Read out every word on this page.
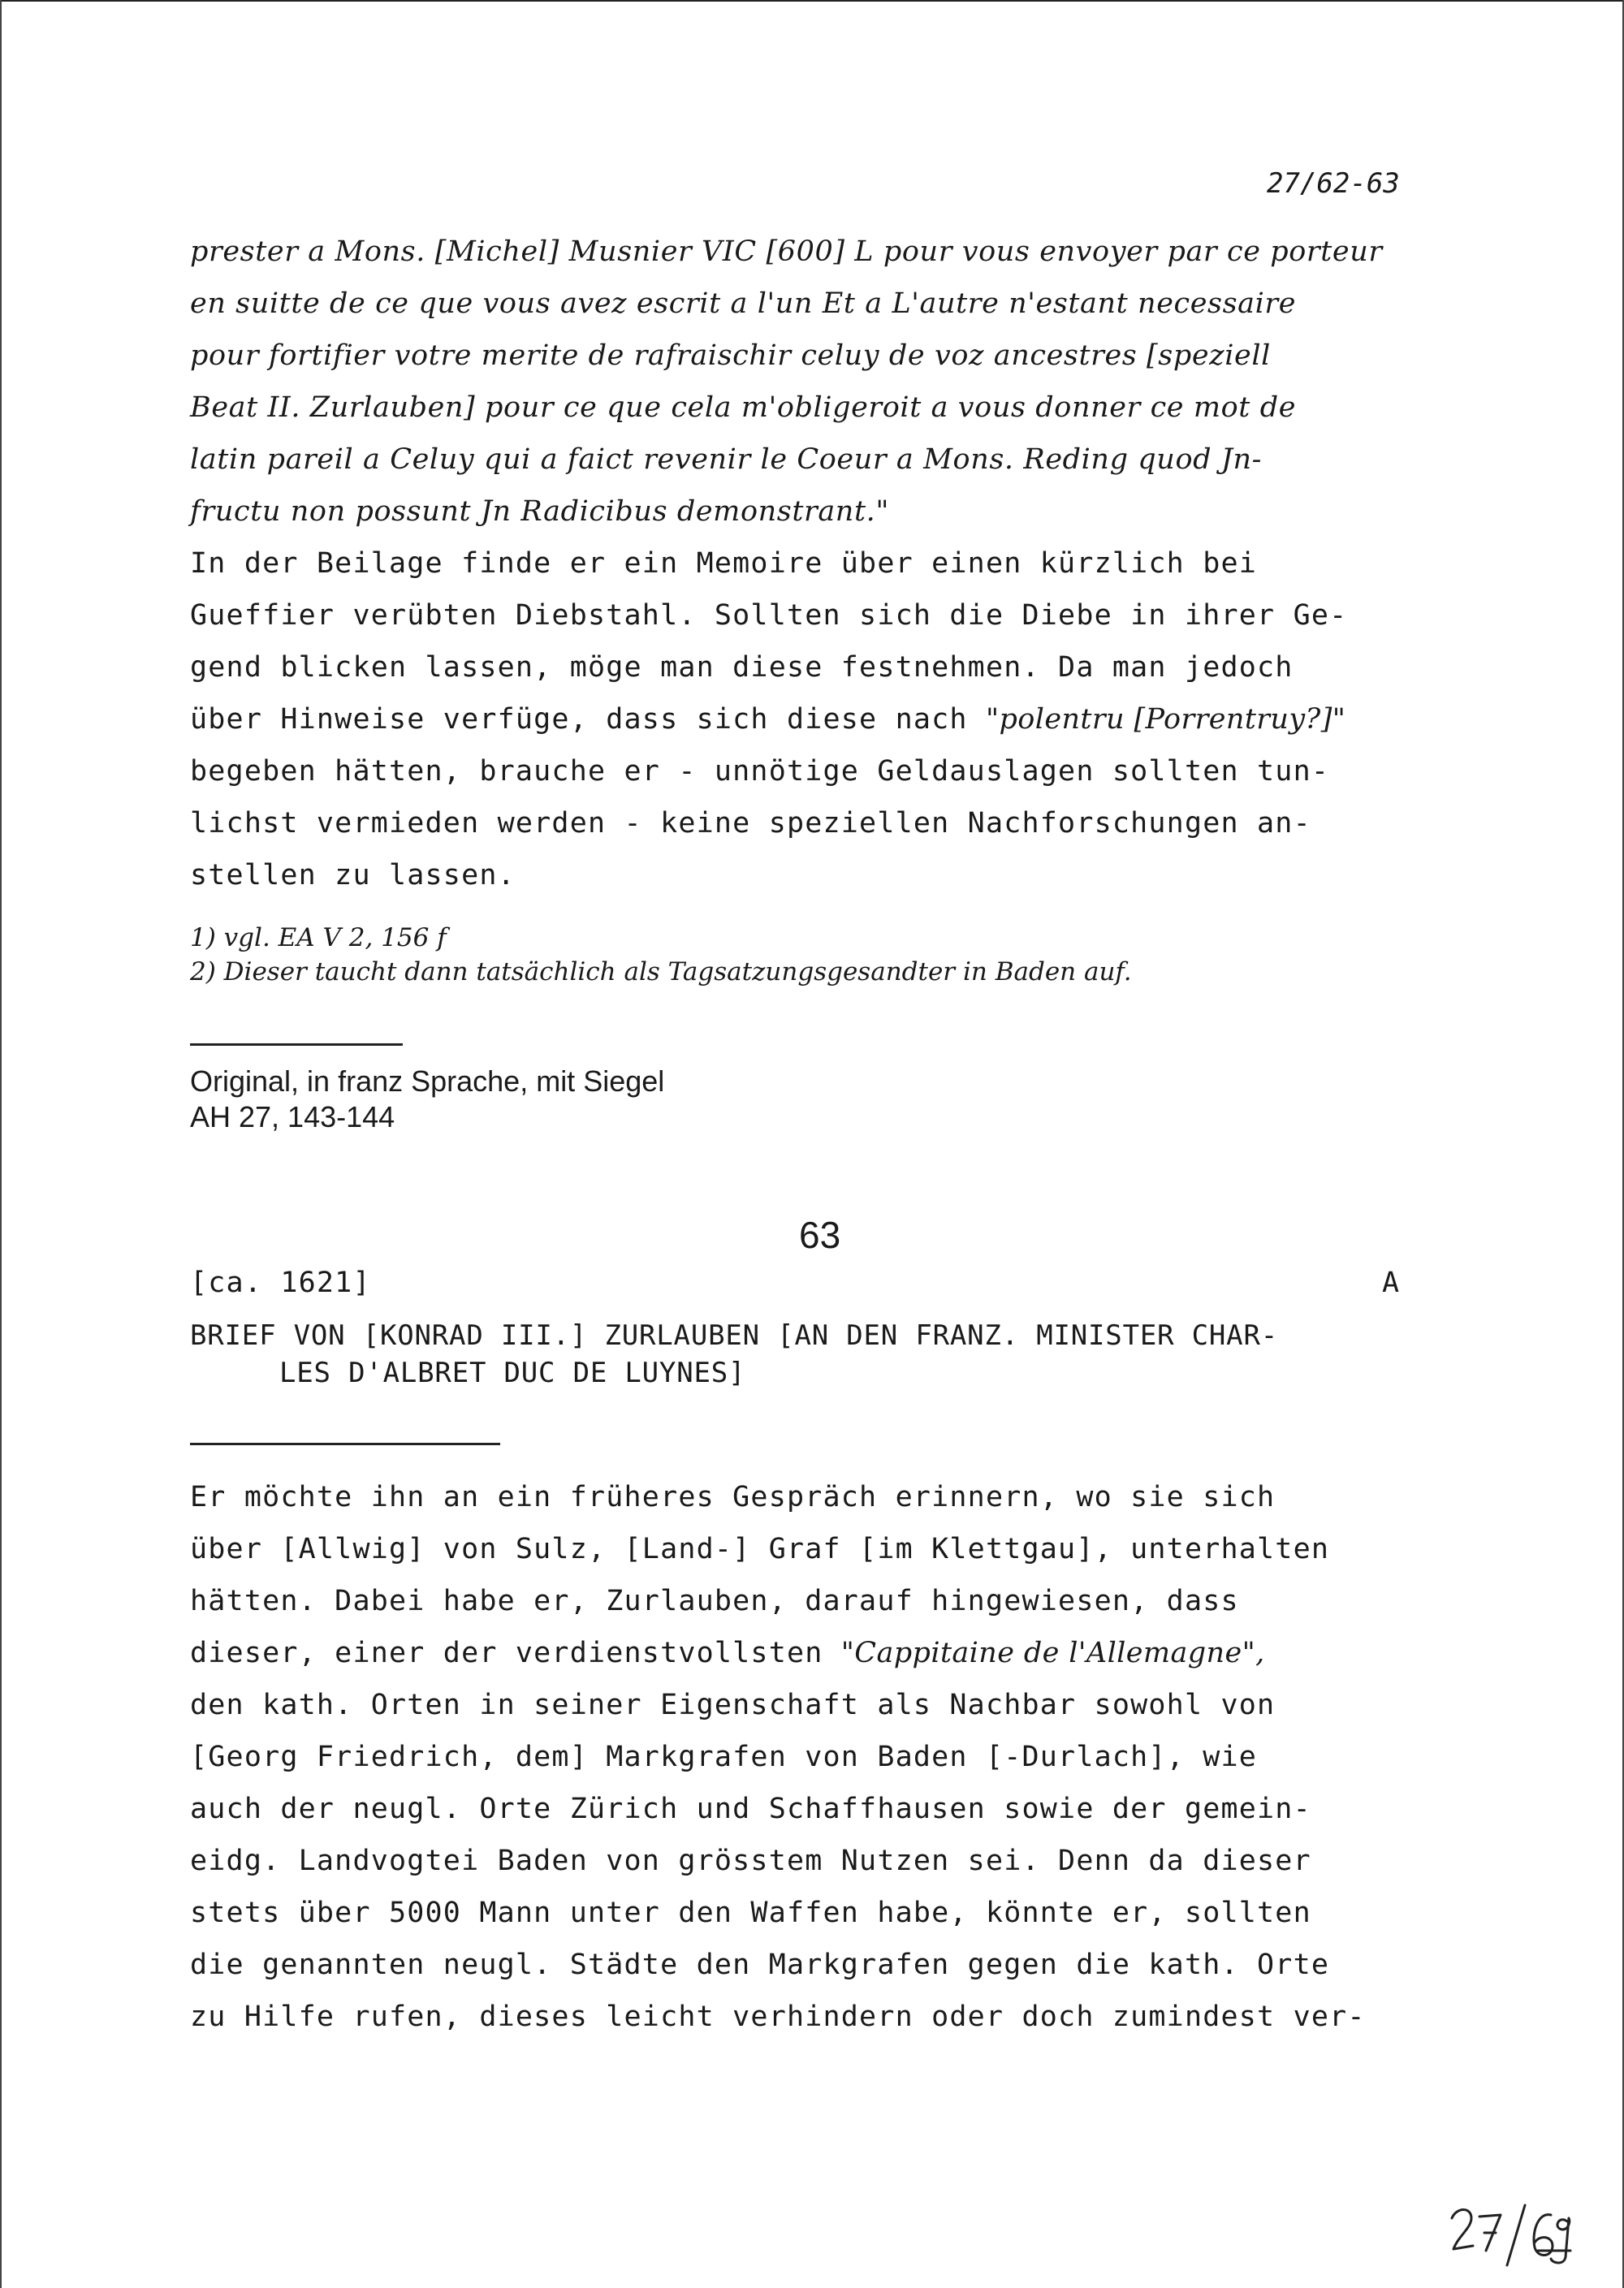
27/62-63
prester a Mons. [Michel] Musnier VIC [600] L pour vous envoyer par ce porteur
en suitte de ce que vous avez escrit a l'un Et a L'autre n'estant necessaire
pour fortifier votre merite de rafraischir celuy de voz ancestres [speziell
Beat II. Zurlauben] pour ce que cela m'obligeroit a vous donner ce mot de
latin pareil a Celuy qui a faict revenir le Coeur a Mons. Reding quod Jn-
fructu non possunt Jn Radicibus demonstrant."
In der Beilage finde er ein Memoire über einen kürzlich bei
Gueffier verübten Diebstahl. Sollten sich die Diebe in ihrer Ge-
gend blicken lassen, möge man diese festnehmen. Da man jedoch
über Hinweise verfüge, dass sich diese nach "polentru [Porrentruy?]"
begeben hätten, brauche er - unnötige Geldauslagen sollten tun-
lichst vermieden werden - keine speziellen Nachforschungen an-
stellen zu lassen.
1) vgl. EA V 2, 156 f
2) Dieser taucht dann tatsächlich als Tagsatzungsgesandter in Baden auf.
Original, in franz Sprache, mit Siegel
AH 27, 143-144
63
[ca. 1621]	A
BRIEF VON [KONRAD III.] ZURLAUBEN [AN DEN FRANZ. MINISTER CHAR-
LES D'ALBRET DUC DE LUYNES]
Er möchte ihn an ein früheres Gespräch erinnern, wo sie sich
über [Allwig] von Sulz, [Land-] Graf [im Klettgau], unterhalten
hätten. Dabei habe er, Zurlauben, darauf hingewiesen, dass
dieser, einer der verdienstvollsten "Cappitaine de l'Allemagne",
den kath. Orten in seiner Eigenschaft als Nachbar sowohl von
[Georg Friedrich, dem] Markgrafen von Baden [-Durlach], wie
auch der neugl. Orte Zürich und Schaffhausen sowie der gemein-
eidg. Landvogtei Baden von grösstem Nutzen sei. Denn da dieser
stets über 5000 Mann unter den Waffen habe, könnte er, sollten
die genannten neugl. Städte den Markgrafen gegen die kath. Orte
zu Hilfe rufen, dieses leicht verhindern oder doch zumindest ver-
